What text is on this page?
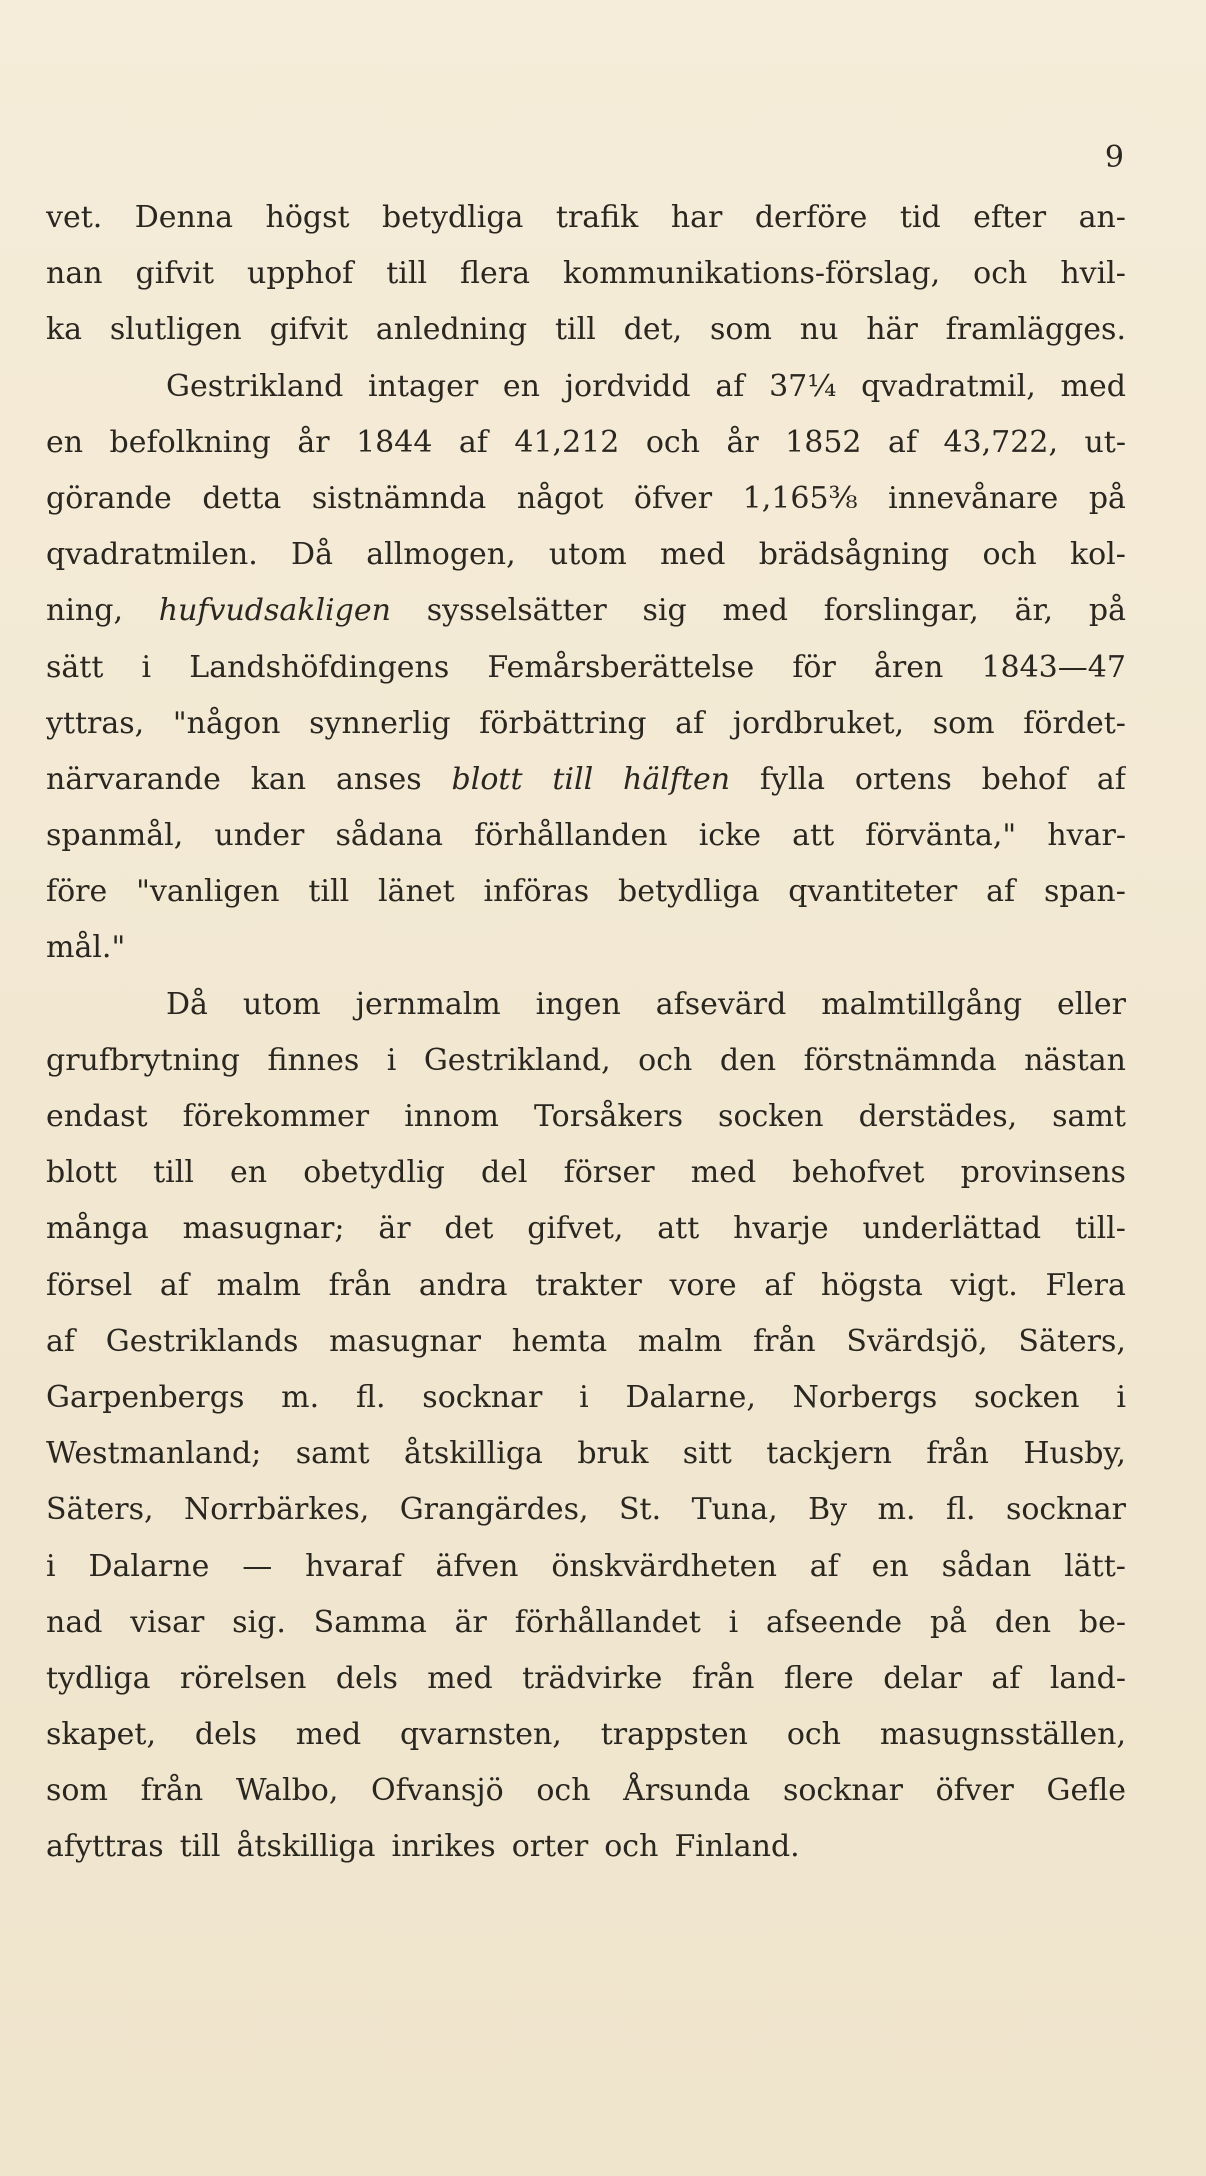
9
vet. Denna högst betydliga trafik har derföre tid efter an-
nan gifvit upphof till flera kommunikations-förslag, och hvil-
ka slutligen gifvit anledning till det, som nu här framlägges.
Gestrikland intager en jordvidd af 37¼ qvadratmil, med
en befolkning år 1844 af 41,212 och år 1852 af 43,722, ut-
görande detta sistnämnda något öfver 1,165⅜ innevånare på
qvadratmilen. Då allmogen, utom med brädsågning och kol-
ning, hufvudsakligen sysselsätter sig med forslingar, är, på
sätt i Landshöfdingens Femårsberättelse för åren 1843—47
yttras, "någon synnerlig förbättring af jordbruket, som fördet-
närvarande kan anses blott till hälften fylla ortens behof af
spanmål, under sådana förhållanden icke att förvänta," hvar-
före "vanligen till länet införas betydliga qvantiteter af span-
mål."
Då utom jernmalm ingen afsevärd malmtillgång eller
grufbrytning finnes i Gestrikland, och den förstnämnda nästan
endast förekommer innom Torsåkers socken derstädes, samt
blott till en obetydlig del förser med behofvet provinsens
många masugnar; är det gifvet, att hvarje underlättad till-
försel af malm från andra trakter vore af högsta vigt. Flera
af Gestriklands masugnar hemta malm från Svärdsjö, Säters,
Garpenbergs m. fl. socknar i Dalarne, Norbergs socken i
Westmanland; samt åtskilliga bruk sitt tackjern från Husby,
Säters, Norrbärkes, Grangärdes, St. Tuna, By m. fl. socknar
i Dalarne — hvaraf äfven önskvärdheten af en sådan lätt-
nad visar sig. Samma är förhållandet i afseende på den be-
tydliga rörelsen dels med trädvirke från flere delar af land-
skapet, dels med qvarnsten, trappsten och masugnsställen,
som från Walbo, Ofvansjö och Årsunda socknar öfver Gefle
afyttras till åtskilliga inrikes orter och Finland.
